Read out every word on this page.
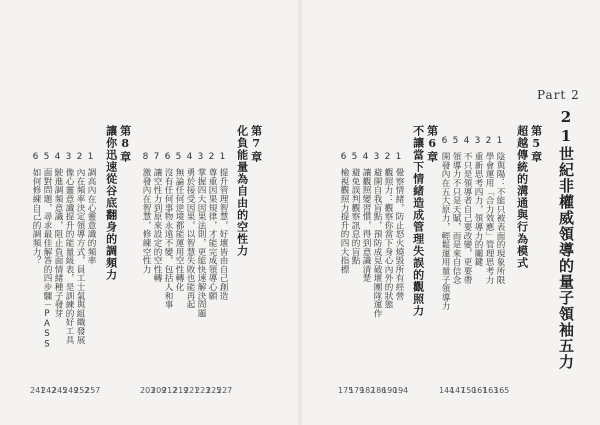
Part 2
21世紀非權威領導的量子領袖五力
第5章
超越傳統的溝通與行為模式
1
2
3
4
5
6
陰與陽：不能只被表面的現象所限
學會運用「合力效應」管理思考力
重新思考四力，領導力的關鍵
不只是領導者自己要改變，更要帶
領導力不只是天賦，而是來自信念
開發內在五大原力，輕鬆運用量子領導力
165
163
161
150
147
144
第6章
不讓當下情緒造成管理失誤的觀照力
1
2
3
4
5
6
覺察情緒，防止怒火燒毀所有經營
觀照力：觀察你當下身心內外的狀態
避開自我盲點，預防成見破壞團隊運作
讓觀照變習慣，得到意識清楚
避免誤判觀察訊息的盲點
檢視觀照力提升的四大指標
194
190
186
182
179
175
第7章
化負能量為自由的空性力
1
2
3
4
5
6
7
8
提升管理智慧，好壞皆由自己創造
尊重因果規律，才能完成領導心願
掌握四大因果法則，更能快速解決問題
勇於接受因果，以智慧失敗也能再起
無論任何逆境都能運用空性轉化
沒有任何事物永遠不變，包括人和事
讓空性力到原來設定的空性轉
激發內在智慧，修練空性力
227
225
223
221
219
212
209
203
第8章
讓你迅速從谷底翻身的調頻力
1
2
3
4
5
6
調高內在心靈意識的頻率
內在頻率決定領導方式，員工士氣與組織發展
像心靈意識提升的能量級表，是訓練的好工具
駛進調頻意識，阻止負面情緒種子發芽
面對問題，尋求最佳解答的四步驟－PASS
如何修練自己的調頻力？
257
252
249
245
242
241
